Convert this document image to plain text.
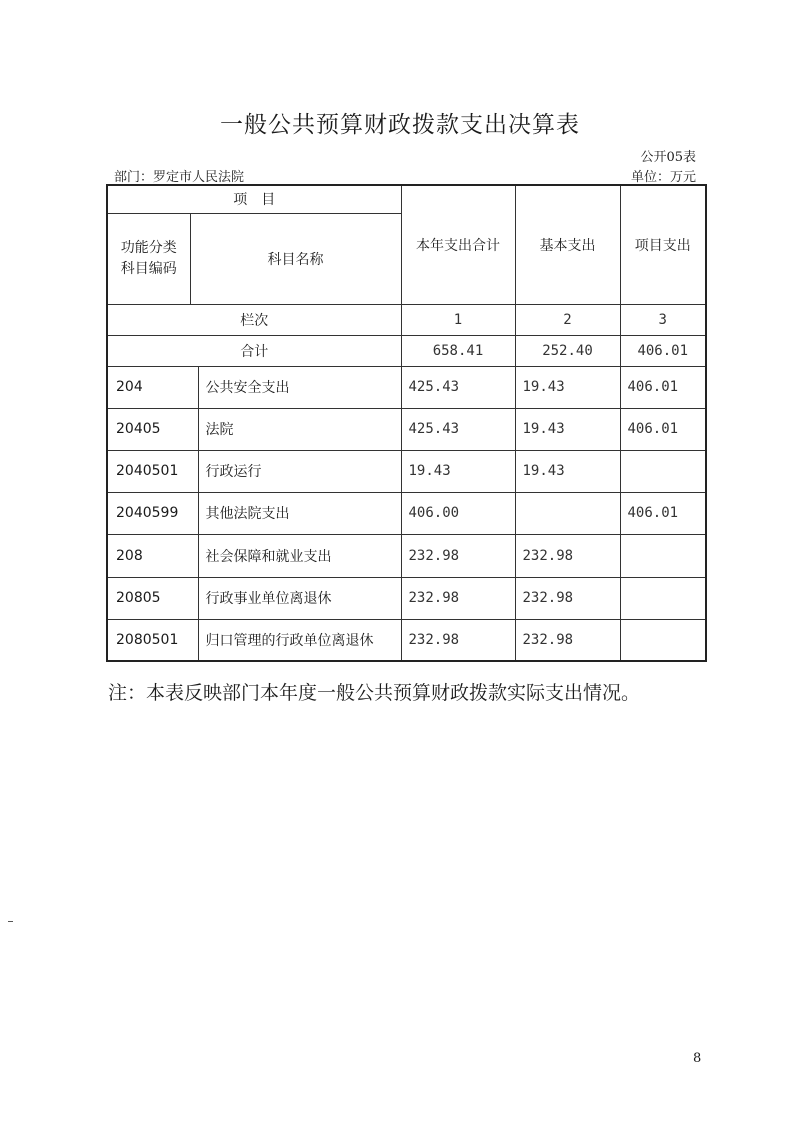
一般公共预算财政拨款支出决算表
公开05表
部门：罗定市人民法院	单位：万元
项　目			本年支出合计	基本支出	项目支出
功能分类科目编码	科目名称				
栏次			1	2	3
合计			658.41	252.40	406.01
204		公共安全支出	425.43	19.43	406.01
20405		法院	425.43	19.43	406.01
2040501		行政运行	19.43	19.43	
2040599		其他法院支出	406.00		406.01
208		社会保障和就业支出	232.98	232.98	
20805		行政事业单位离退休	232.98	232.98	
2080501		归口管理的行政单位离退休	232.98	232.98	
注：本表反映部门本年度一般公共预算财政拨款实际支出情况。
8
